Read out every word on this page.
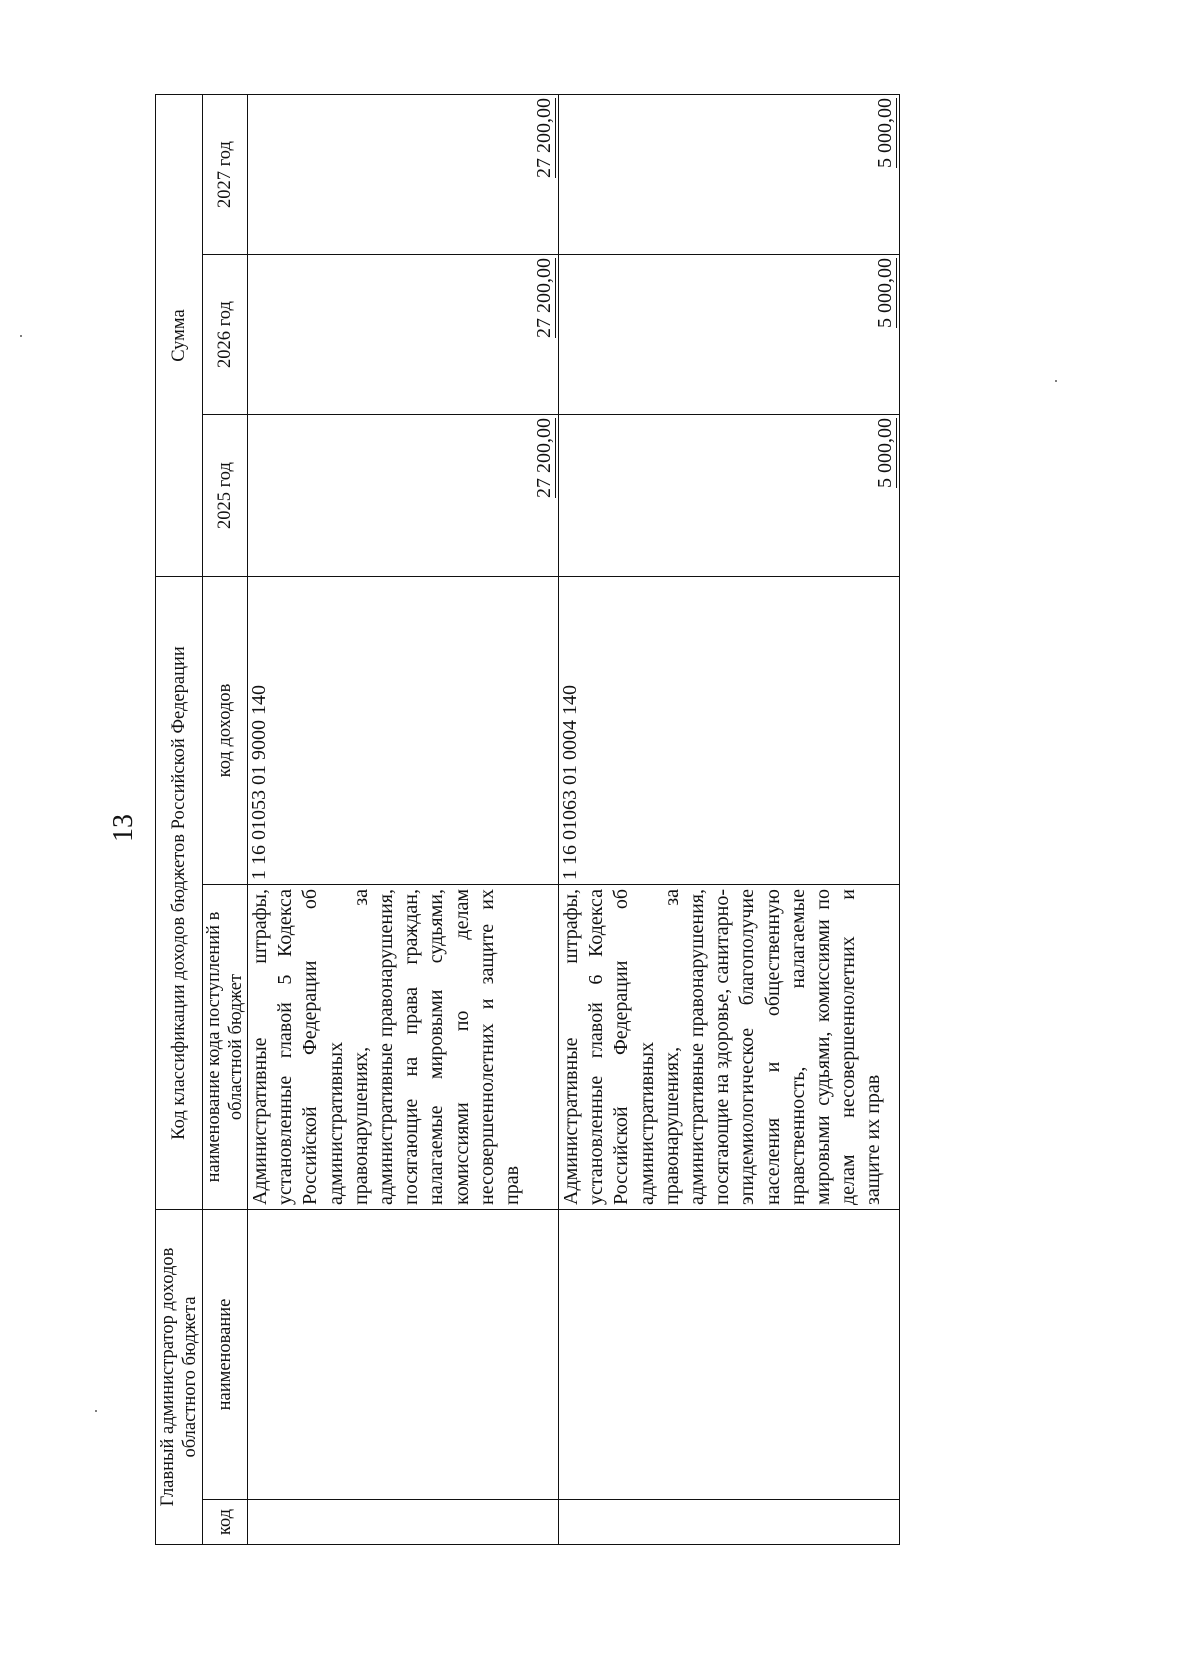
13
Главный администратор доходов областного бюджета		Код классификации доходов бюджетов Российской Федерации		Сумма		
код	наименование	наименование кода поступлений в областной бюджет	код доходов	2025 год	2026 год	2027 год
		Административные штрафы, установленные главой 5 Кодекса Российской Федерации об административных правонарушениях, за административные правонарушения, посягающие на права граждан, налагаемые мировыми судьями, комиссиями по делам несовершеннолетних и защите их прав	1 16 01053 01 9000 140	27 200,00	27 200,00	27 200,00
		Административные штрафы, установленные главой 6 Кодекса Российской Федерации об административных правонарушениях, за административные правонарушения, посягающие на здоровье, санитарно-эпидемиологическое благополучие населения и общественную нравственность, налагаемые мировыми судьями, комиссиями по делам несовершеннолетних и защите их прав	1 16 01063 01 0004 140	5 000,00	5 000,00	5 000,00
